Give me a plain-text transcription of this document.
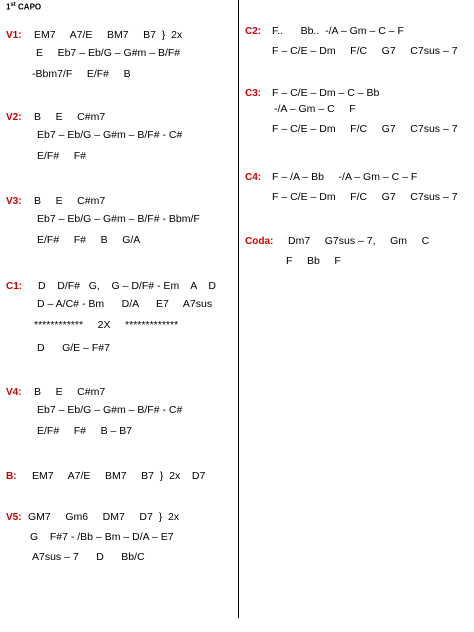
1st CAPO
V1: EM7     A7/E     BM7     B7  }  2x
E     Eb7 – Eb/G – G#m – B/F#
-Bbm7/F     E/F#     B
V2: B     E     C#m7
Eb7 – Eb/G – G#m – B/F# - C#
E/F#     F#
V3: B     E     C#m7
Eb7 – Eb/G – G#m – B/F# - Bbm/F
E/F#     F#     B     G/A
C1: D    D/F#   G,    G – D/F# - Em    A    D
D – A/C# - Bm      D/A      E7     A7sus
************     2X     *************
D      G/E – F#7
V4: B     E     C#m7
Eb7 – Eb/G – G#m – B/F# - C#
E/F#     F#     B – B7
B: EM7     A7/E     BM7     B7  }  2x    D7
V5: GM7     Gm6     DM7     D7  }  2x
G    F#7 - /Bb – Bm – D/A – E7
A7sus – 7      D      Bb/C
C2: F..      Bb..  -/A – Gm – C – F
F – C/E – Dm     F/C     G7     C7sus – 7
C3: F – C/E – Dm – C – Bb
-/A – Gm – C     F
F – C/E – Dm     F/C     G7     C7sus – 7
C4: F – /A – Bb     -/A – Gm – C – F
F – C/E – Dm     F/C     G7     C7sus – 7
Coda: Dm7     G7sus – 7,     Gm     C
F     Bb     F
